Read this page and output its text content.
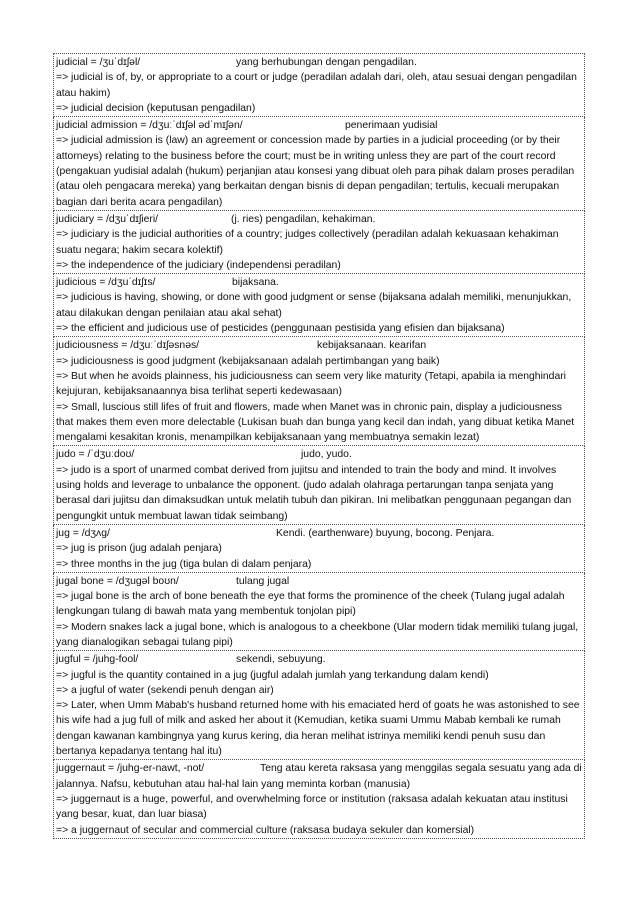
judicial = /ʒuˈdɪʃəl/	yang berhubungan dengan pengadilan.
=> judicial is of, by, or appropriate to a court or judge (peradilan adalah dari, oleh, atau sesuai dengan pengadilan atau hakim)
=> judicial decision (keputusan pengadilan)
judicial admission = /dʒuːˈdɪʃəl ədˈmɪʃən/	penerimaan yudisial
=> judicial admission is (law) an agreement or concession made by parties in a judicial proceeding (or by their attorneys) relating to the business before the court; must be in writing unless they are part of the court record (pengakuan yudisial adalah (hukum) perjanjian atau konsesi yang dibuat oleh para pihak dalam proses peradilan (atau oleh pengacara mereka) yang berkaitan dengan bisnis di depan pengadilan; tertulis, kecuali merupakan bagian dari berita acara pengadilan)
judiciary = /dʒuˈdɪʃieri/	(j. ries) pengadilan, kehakiman.
=> judiciary is the judicial authorities of a country; judges collectively (peradilan adalah kekuasaan kehakiman suatu negara; hakim secara kolektif)
=> the independence of the judiciary (independensi peradilan)
judicious = /dʒuˈdɪʃɪs/	bijaksana.
=> judicious is having, showing, or done with good judgment or sense (bijaksana adalah memiliki, menunjukkan, atau dilakukan dengan penilaian atau akal sehat)
=> the efficient and judicious use of pesticides (penggunaan pestisida yang efisien dan bijaksana)
judiciousness = /dʒuːˈdɪʃəsnəs/	kebijaksanaan. kearifan
=> judiciousness is good judgment (kebijaksanaan adalah pertimbangan yang baik)
=> But when he avoids plainness, his judiciousness can seem very like maturity (Tetapi, apabila ia menghindari kejujuran, kebijaksanaannya bisa terlihat seperti kedewasaan)
=> Small, luscious still lifes of fruit and flowers, made when Manet was in chronic pain, display a judiciousness that makes them even more delectable (Lukisan buah dan bunga yang kecil dan indah, yang dibuat ketika Manet mengalami kesakitan kronis, menampilkan kebijaksanaan yang membuatnya semakin lezat)
judo = /ˈdʒuːdoʊ/	judo, yudo.
=> judo is a sport of unarmed combat derived from jujitsu and intended to train the body and mind. It involves using holds and leverage to unbalance the opponent. (judo adalah olahraga pertarungan tanpa senjata yang berasal dari jujitsu dan dimaksudkan untuk melatih tubuh dan pikiran. Ini melibatkan penggunaan pegangan dan pengungkit untuk membuat lawan tidak seimbang)
jug = /dʒʌg/	Kendi. (earthenware) buyung, bocong. Penjara.
=> jug is prison (jug adalah penjara)
=> three months in the jug (tiga bulan di dalam penjara)
jugal bone = /dʒugəl boʊn/	tulang jugal
=> jugal bone is the arch of bone beneath the eye that forms the prominence of the cheek (Tulang jugal adalah lengkungan tulang di bawah mata yang membentuk tonjolan pipi)
=> Modern snakes lack a jugal bone, which is analogous to a cheekbone (Ular modern tidak memiliki tulang jugal, yang dianalogikan sebagai tulang pipi)
jugful = /juhg-fool/	sekendi, sebuyung.
=> jugful is the quantity contained in a jug (jugful adalah jumlah yang terkandung dalam kendi)
=> a jugful of water (sekendi penuh dengan air)
=> Later, when Umm Mabab's husband returned home with his emaciated herd of goats he was astonished to see his wife had a jug full of milk and asked her about it (Kemudian, ketika suami Ummu Mabab kembali ke rumah dengan kawanan kambingnya yang kurus kering, dia heran melihat istrinya memiliki kendi penuh susu dan bertanya kepadanya tentang hal itu)
juggernaut = /juhg-er-nawt, -not/	Teng atau kereta raksasa yang menggilas segala sesuatu yang ada di jalannya. Nafsu, kebutuhan atau hal-hal lain yang meminta korban (manusia)
=> juggernaut is a huge, powerful, and overwhelming force or institution (raksasa adalah kekuatan atau institusi yang besar, kuat, dan luar biasa)
=> a juggernaut of secular and commercial culture (raksasa budaya sekuler dan komersial)
